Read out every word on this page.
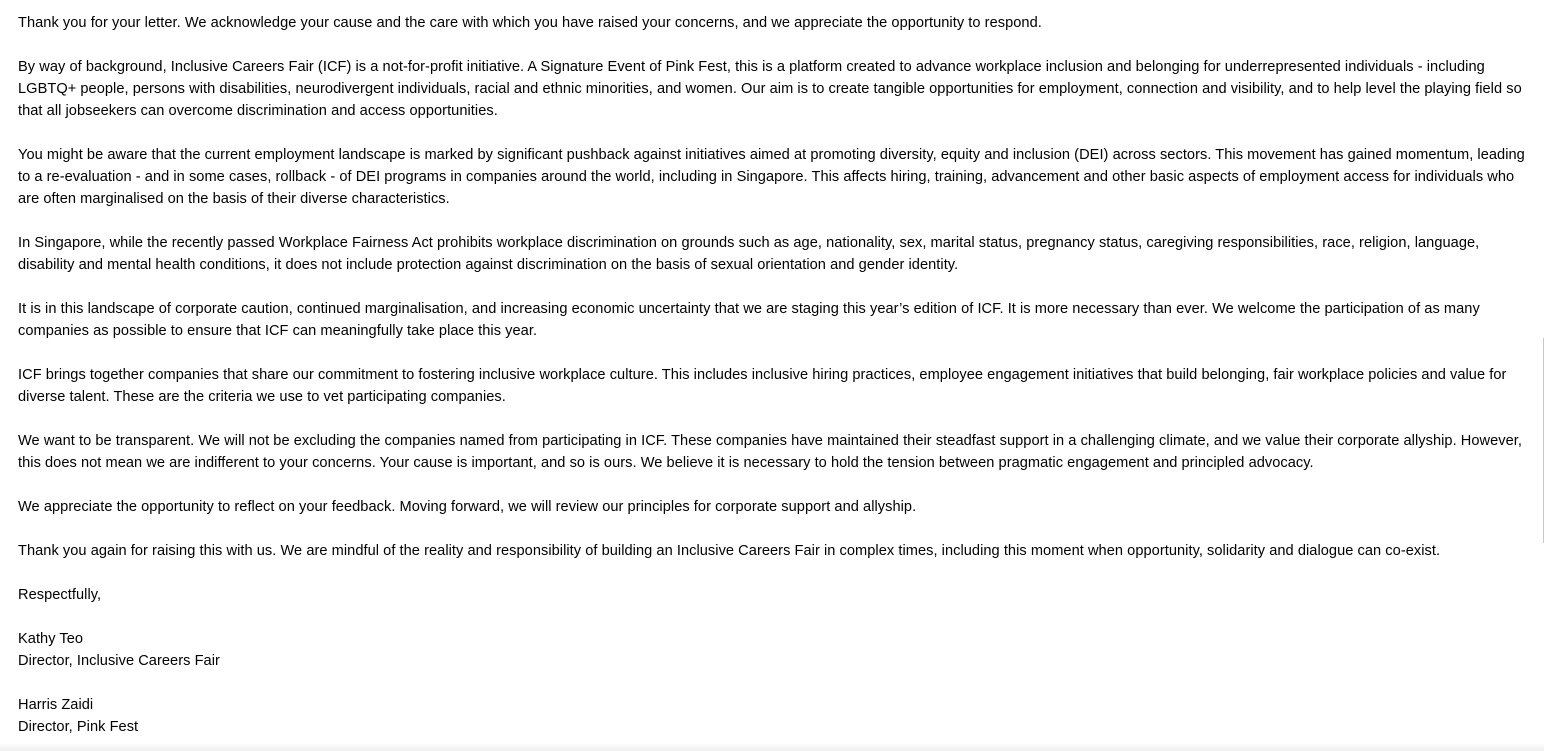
Thank you for your letter. We acknowledge your cause and the care with which you have raised your concerns, and we appreciate the opportunity to respond.

By way of background, Inclusive Careers Fair (ICF) is a not-for-profit initiative. A Signature Event of Pink Fest, this is a platform created to advance workplace inclusion and belonging for underrepresented individuals - including LGBTQ+ people, persons with disabilities, neurodivergent individuals, racial and ethnic minorities, and women. Our aim is to create tangible opportunities for employment, connection and visibility, and to help level the playing field so that all jobseekers can overcome discrimination and access opportunities.

You might be aware that the current employment landscape is marked by significant pushback against initiatives aimed at promoting diversity, equity and inclusion (DEI) across sectors. This movement has gained momentum, leading to a re-evaluation - and in some cases, rollback - of DEI programs in companies around the world, including in Singapore. This affects hiring, training, advancement and other basic aspects of employment access for individuals who are often marginalised on the basis of their diverse characteristics.

In Singapore, while the recently passed Workplace Fairness Act prohibits workplace discrimination on grounds such as age, nationality, sex, marital status, pregnancy status, caregiving responsibilities, race, religion, language, disability and mental health conditions, it does not include protection against discrimination on the basis of sexual orientation and gender identity.

It is in this landscape of corporate caution, continued marginalisation, and increasing economic uncertainty that we are staging this year’s edition of ICF. It is more necessary than ever. We welcome the participation of as many companies as possible to ensure that ICF can meaningfully take place this year.

ICF brings together companies that share our commitment to fostering inclusive workplace culture. This includes inclusive hiring practices, employee engagement initiatives that build belonging, fair workplace policies and value for diverse talent. These are the criteria we use to vet participating companies.

We want to be transparent. We will not be excluding the companies named from participating in ICF. These companies have maintained their steadfast support in a challenging climate, and we value their corporate allyship. However, this does not mean we are indifferent to your concerns. Your cause is important, and so is ours. We believe it is necessary to hold the tension between pragmatic engagement and principled advocacy.

We appreciate the opportunity to reflect on your feedback. Moving forward, we will review our principles for corporate support and allyship.

Thank you again for raising this with us. We are mindful of the reality and responsibility of building an Inclusive Careers Fair in complex times, including this moment when opportunity, solidarity and dialogue can co-exist.

Respectfully,

Kathy Teo
Director, Inclusive Careers Fair
Harris Zaidi
Director, Pink Fest
